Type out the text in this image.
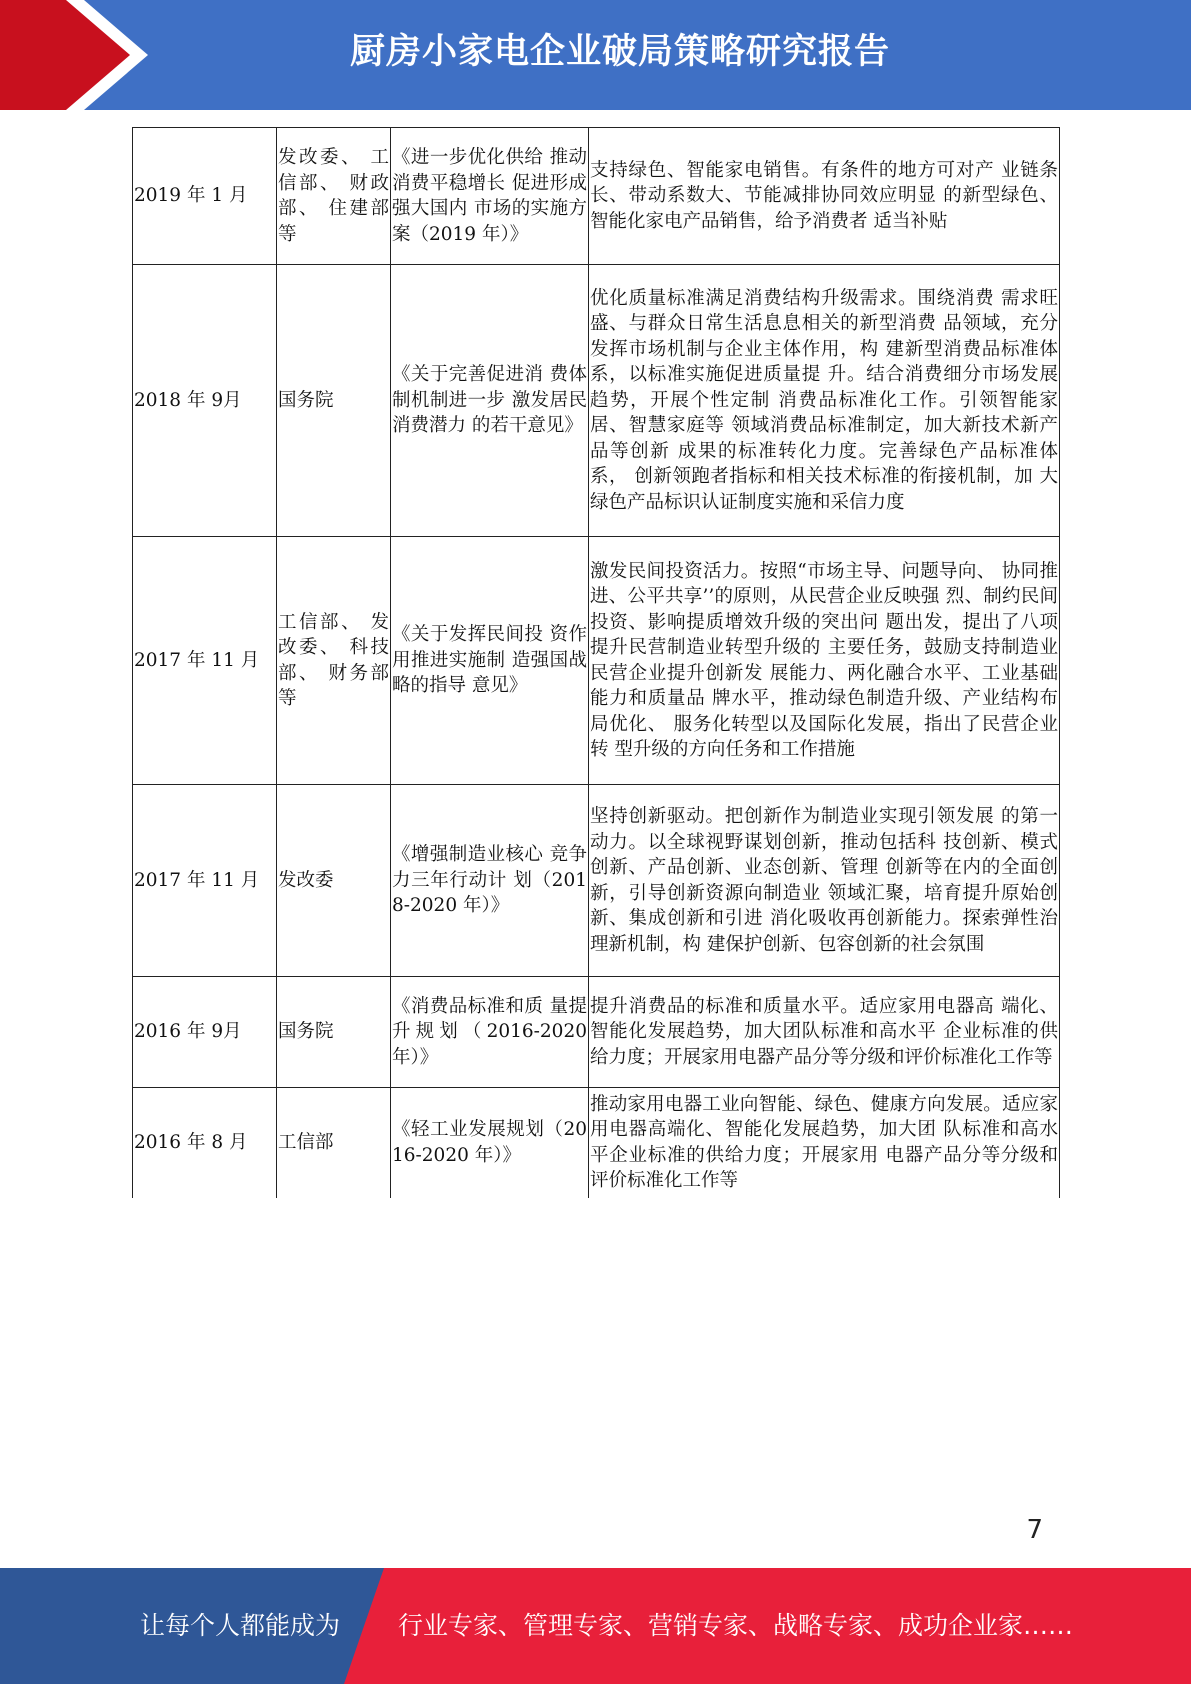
厨房小家电企业破局策略研究报告
2019 年 1 月	发改委、 工信部、 财政部、 住建部等	《进一步优化供给 推动消费平稳增长 促进形成强大国内 市场的实施方案（2019 年）》	支持绿色、智能家电销售。有条件的地方可对产 业链条长、带动系数大、节能减排协同效应明显 的新型绿色、智能化家电产品销售，给予消费者 适当补贴
2018 年 9月	国务院	《关于完善促进消 费体制机制进一步 激发居民消费潜力 的若干意见》	优化质量标准满足消费结构升级需求。围绕消费 需求旺盛、与群众日常生活息息相关的新型消费 品领域，充分发挥市场机制与企业主体作用，构 建新型消费品标准体系，以标准实施促进质量提 升。结合消费细分市场发展趋势，开展个性定制 消费品标准化工作。引领智能家居、智慧家庭等 领域消费品标准制定，加大新技术新产品等创新 成果的标准转化力度。完善绿色产品标准体系， 创新领跑者指标和相关技术标准的衔接机制，加 大绿色产品标识认证制度实施和采信力度
2017 年 11 月	工信部、 发改委、 科技部、 财务部等	《关于发挥民间投 资作用推进实施制 造强国战略的指导 意见》	激发民间投资活力。按照“市场主导、问题导向、 协同推进、公平共享’’的原则，从民营企业反映强 烈、制约民间投资、影响提质增效升级的突出问 题出发，提出了八项提升民营制造业转型升级的 主要任务，鼓励支持制造业民营企业提升创新发 展能力、两化融合水平、工业基础能力和质量品 牌水平，推动绿色制造升级、产业结构布局优化、 服务化转型以及国际化发展，指出了民营企业转 型升级的方向任务和工作措施
2017 年 11 月	发改委	《增强制造业核心 竞争力三年行动计 划（2018-2020 年）》	坚持创新驱动。把创新作为制造业实现引领发展 的第一动力。以全球视野谋划创新，推动包括科 技创新、模式创新、产品创新、业态创新、管理 创新等在内的全面创新，引导创新资源向制造业 领域汇聚，培育提升原始创新、集成创新和引进 消化吸收再创新能力。探索弹性治理新机制，构 建保护创新、包容创新的社会氛围
2016 年 9月	国务院	《消费品标准和质 量提升规划（2016-2020 年）》	提升消费品的标准和质量水平。适应家用电器高 端化、智能化发展趋势，加大团队标准和高水平 企业标准的供给力度；开展家用电器产品分等分级和评价标准化工作等
2016 年 8 月	工信部	《轻工业发展规划（2016-2020 年）》	推动家用电器工业向智能、绿色、健康方向发展。适应家用电器高端化、智能化发展趋势，加大团 队标准和高水平企业标准的供给力度；开展家用 电器产品分等分级和评价标准化工作等
7
让每个人都能成为 行业专家、管理专家、营销专家、战略专家、成功企业家……
